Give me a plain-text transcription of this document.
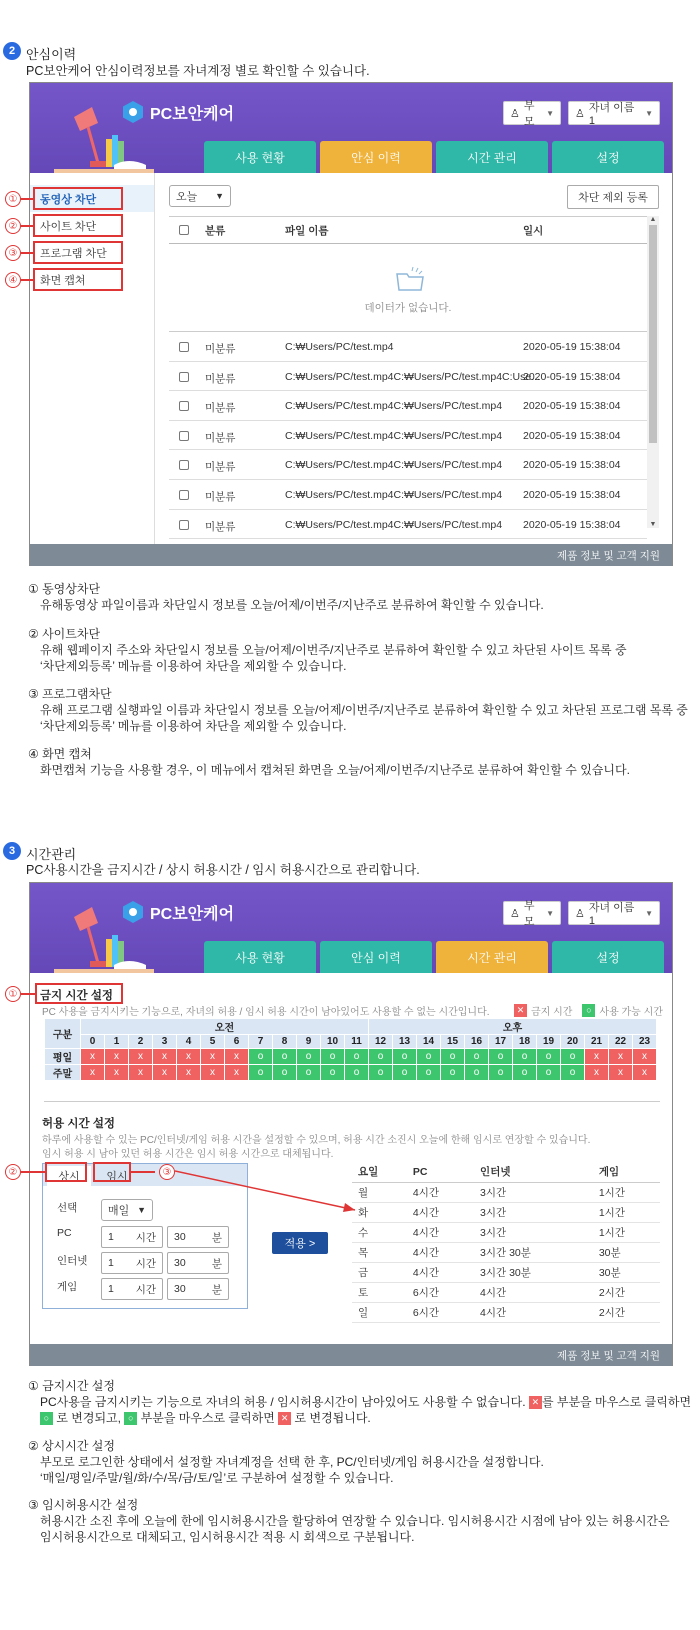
2 안심이력
PC보안케어 안심이력정보를 자녀계정 별로 확인할 수 있습니다.
PC보안케어	♙
부모
▼ ♙ 자녀 이름 1
▼
사용 현황	안심 이력	시간 관리	설정
동영상 차단
사이트 차단
프로그램 차단
화면 캡쳐
오늘 ▼	차단 제외 등록
분류	파일 이름	일시
데이터가 없습니다.
미분류	C:₩Users/PC/test.mp4	2020-05-19 15:38:04
미분류	C:₩Users/PC/test.mp4C:₩Users/PC/test.mp4C:Use...
2020-05-19 15:38:04
미분류	C:₩Users/PC/test.mp4C:₩Users/PC/test.mp4 2020-05-19 15:38:04
미분류	C:₩Users/PC/test.mp4C:₩Users/PC/test.mp4 2020-05-19 15:38:04
미분류	C:₩Users/PC/test.mp4C:₩Users/PC/test.mp4 2020-05-19 15:38:04
미분류	C:₩Users/PC/test.mp4C:₩Users/PC/test.mp4 2020-05-19 15:38:04
미분류	C:₩Users/PC/test.mp4C:₩Users/PC/test.mp4 2020-05-19 15:38:04
▲
▼
제품 정보 및 고객 지원
①
②
③
④
① 동영상차단
유해동영상 파일이름과 차단일시 정보를 오늘/어제/이번주/지난주로 분류하여 확인할 수 있습니다.
② 사이트차단
유해 웹페이지 주소와 차단일시 정보를 오늘/어제/이번주/지난주로 분류하여 확인할 수 있고 차단된 사이트 목록 중
‘차단제외등록’ 메뉴를 이용하여 차단을 제외할 수 있습니다.
③ 프로그램차단
유해 프로그램 실행파일 이름과 차단일시 정보를 오늘/어제/이번주/지난주로 분류하여 확인할 수 있고 차단된 프로그램 목록 중
‘차단제외등록’ 메뉴를 이용하여 차단을 제외할 수 있습니다.
④ 화면 캡쳐
화면캡쳐 기능을 사용할 경우, 이 메뉴에서 캡쳐된 화면을 오늘/어제/이번주/지난주로 분류하여 확인할 수 있습니다.
3 시간관리
PC사용시간을 금지시간 / 상시 허용시간 / 임시 허용시간으로 관리합니다.
PC보안케어	♙
부모
▼ ♙ 자녀 이름 1
▼
사용 현황	안심 이력	시간 관리	설정
금지 시간 설정
PC 사용을 금지시키는 기능으로, 자녀의 허용 / 임시 허용 시간이 남아있어도 사용할 수 없는 시간입니다.	✕ 금지 시간	○ 사용 가능 시간
구분	오전												오후											
	0	1	2	3	4	5	6	7	8	9	10	11	12	13	14	15	16	17	18	19	20	21	22	23
평일	x	x	x	x	x	x	x	o	o	o	o	o	o	o	o	o	o	o	o	o	o	x	x	x
주말	x	x	x	x	x	x	x	o	o	o	o	o	o	o	o	o	o	o	o	o	o	x	x	x
허용 시간 설정
하루에 사용할 수 있는 PC/인터넷/게임 허용 시간을 설정할 수 있으며, 허용 시간 소진시 오늘에 한해 임시로 연장할 수 있습니다.
임시 허용 시 남아 있던 허용 시간은 임시 허용 시간으로 대체됩니다.
상시	임시
선택	매일 ▼
PC	1 시간 30 분
인터넷 1 시간 30 분
게임	1 시간 30 분
적용 >
요일	PC	인터넷	게임
월	4시간	3시간	1시간
화	4시간	3시간	1시간
수	4시간	3시간	1시간
목	4시간	3시간 30분	30분
금	4시간	3시간 30분	30분
토	6시간	4시간	2시간
일	6시간	4시간	2시간
제품 정보 및 고객 지원
①
②	③
① 금지시간 설정
PC사용을 금지시키는 기능으로 자녀의 허용 / 임시허용시간이 남아있어도 사용할 수 없습니다. ✕ 를 부분을 마우스로 클릭하면
○ 로 변경되고, ○ 부분을 마우스로 클릭하면 ✕ 로 변경됩니다.
② 상시시간 설정
부모로 로그인한 상태에서 설정할 자녀계정을 선택 한 후, PC/인터넷/게임 허용시간을 설정합니다.
‘매일/평일/주말/월/화/수/목/금/토/일’로 구분하여 설정할 수 있습니다.
③ 임시허용시간 설정
허용시간 소진 후에 오늘에 한에 임시허용시간을 할당하여 연장할 수 있습니다. 임시허용시간 시점에 남아 있는 허용시간은
임시허용시간으로 대체되고, 임시허용시간 적용 시 회색으로 구분됩니다.
